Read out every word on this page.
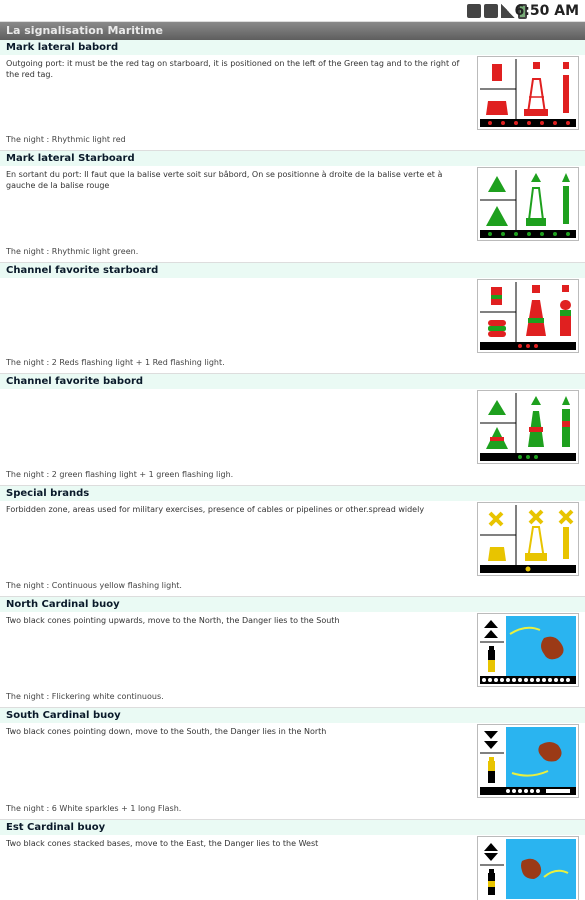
6:50 AM
La signalisation Maritime
Mark lateral babord
Outgoing port: it must be the red tag on starboard, it is positioned on the left of the Green tag and to the right of the red tag.
The night : Rhythmic light red
Mark lateral Starboard
En sortant du port: Il faut que la balise verte soit sur bâbord, On se positionne à droite de la balise verte et à gauche de la balise rouge
The night : Rhythmic light green.
Channel favorite starboard
The night : 2 Reds flashing light + 1 Red flashing light.
Channel favorite babord
The night : 2 green flashing light + 1 green flashing ligh.
Special brands
Forbidden zone, areas used for military exercises, presence of cables or pipelines or other.spread widely
The night : Continuous yellow flashing light.
North Cardinal buoy
Two black cones pointing upwards, move to the North, the Danger lies to the South
The night : Flickering white continuous.
South Cardinal buoy
Two black cones pointing down, move to the South, the Danger lies in the North
The night : 6 White sparkles + 1 long Flash.
Est Cardinal buoy
Two black cones stacked bases, move to the East, the Danger lies to the West
